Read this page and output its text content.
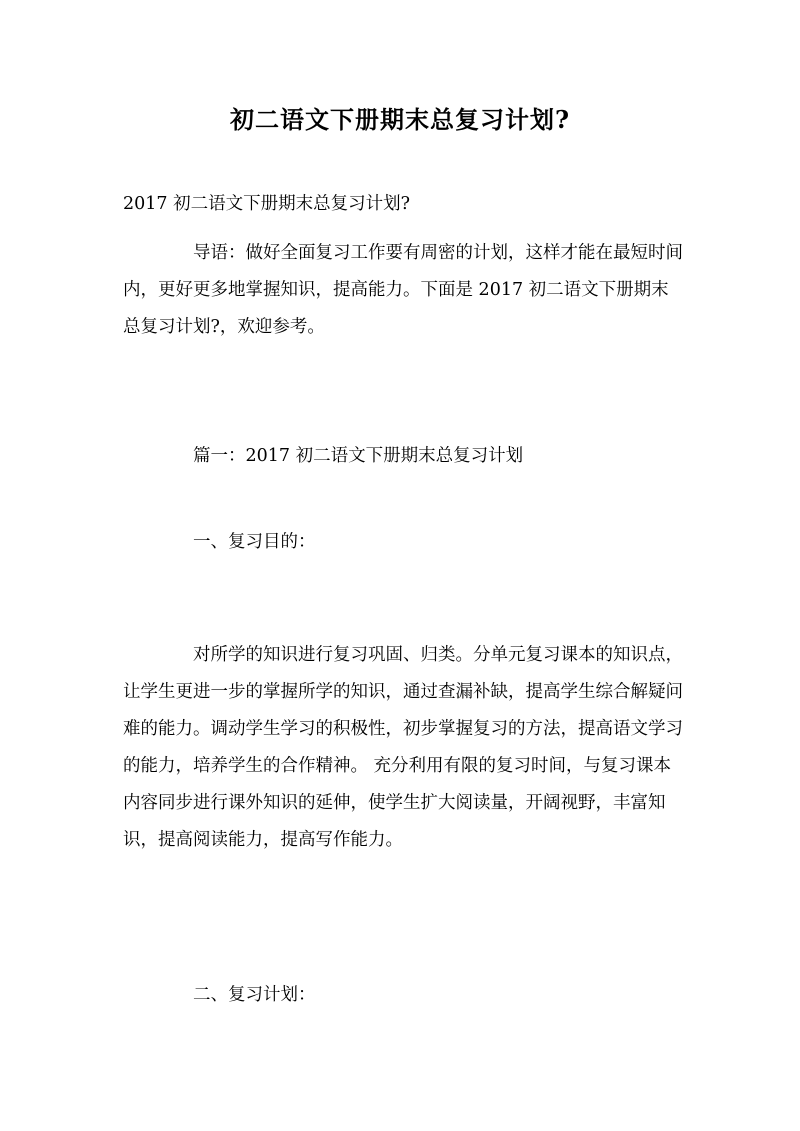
初二语文下册期末总复习计划?

2017 初二语文下册期末总复习计划?

导语：做好全面复习工作要有周密的计划，这样才能在最短时间内，更好更多地掌握知识，提高能力。下面是 2017 初二语文下册期末总复习计划?，欢迎参考。

篇一：2017 初二语文下册期末总复习计划

一、复习目的：

对所学的知识进行复习巩固、归类。分单元复习课本的知识点，让学生更进一步的掌握所学的知识，通过查漏补缺，提高学生综合解疑问难的能力。调动学生学习的积极性，初步掌握复习的方法，提高语文学习的能力，培养学生的合作精神。 充分利用有限的复习时间，与复习课本内容同步进行课外知识的延伸，使学生扩大阅读量，开阔视野，丰富知识，提高阅读能力，提高写作能力。

二、复习计划：
